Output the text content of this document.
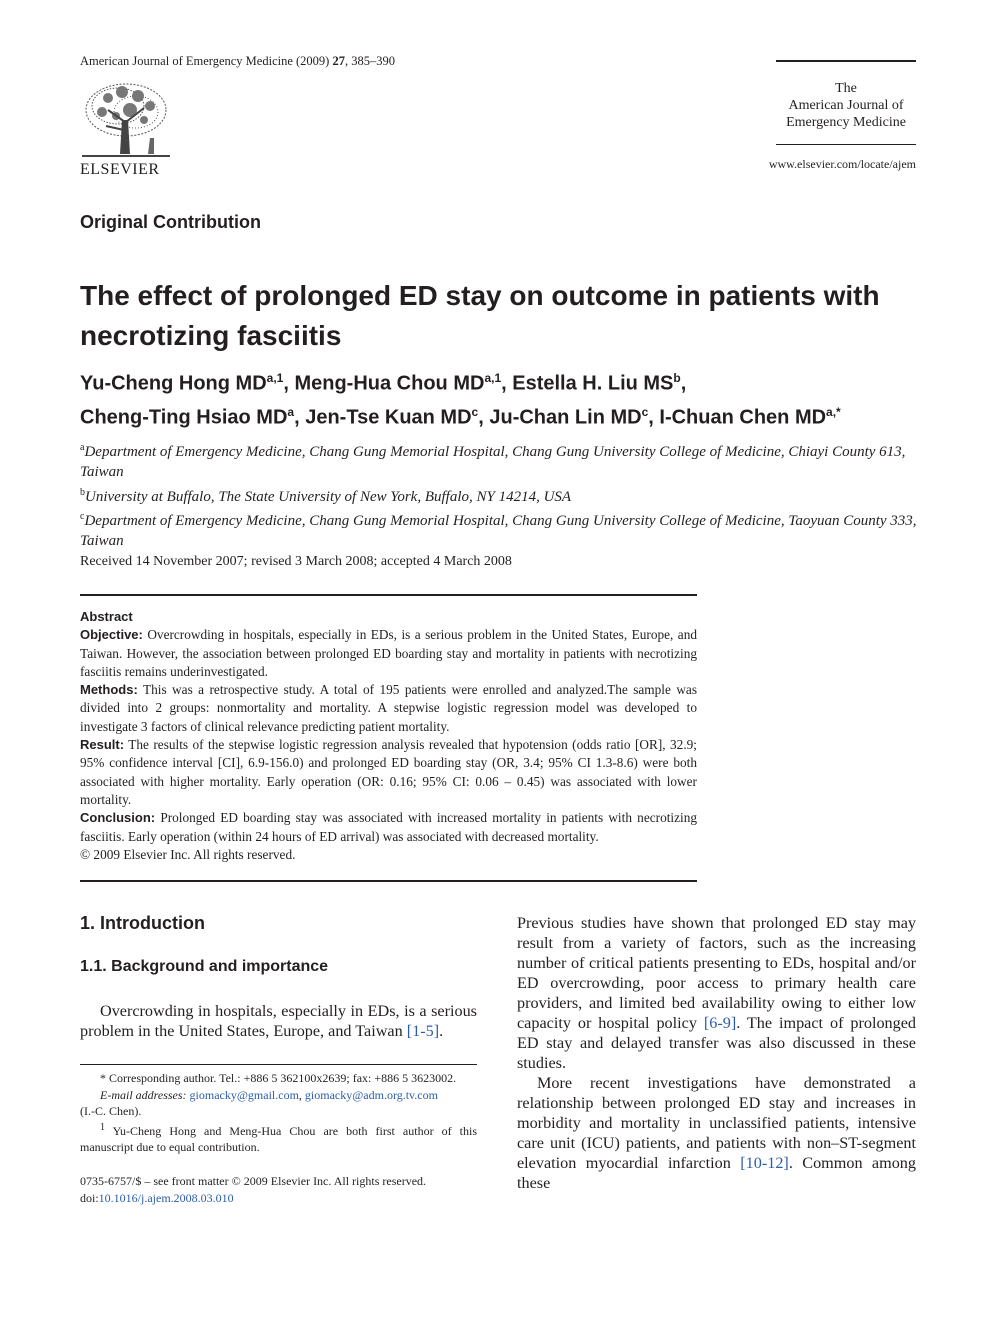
American Journal of Emergency Medicine (2009) 27, 385–390
ELSEVIER
The
American Journal of
Emergency Medicine
www.elsevier.com/locate/ajem
Original Contribution
The effect of prolonged ED stay on outcome in patients with necrotizing fasciitis
Yu-Cheng Hong MD$^{a,1}$, Meng-Hua Chou MD$^{a,1}$, Estella H. Liu $MS^b$,
Cheng-Ting Hsiao $MD^a$, Jen-Tse Kuan $MD^c$, Ju-Chan Lin $MD^c$, I-Chuan Chen $MD^{a,*}$
$^a$Department of Emergency Medicine, Chang Gung Memorial Hospital, Chang Gung University College of Medicine, Chiayi County 613, Taiwan
$^b$University at Buffalo, The State University of New York, Buffalo, NY 14214, USA
$^c$Department of Emergency Medicine, Chang Gung Memorial Hospital, Chang Gung University College of Medicine, Taoyuan County 333, Taiwan
Received 14 November 2007; revised 3 March 2008; accepted 4 March 2008
Abstract

Objective: Overcrowding in hospitals, especially in EDs, is a serious problem in the United States, Europe, and Taiwan. However, the association between prolonged ED boarding stay and mortality in patients with necrotizing fasciitis remains underinvestigated.

Methods: This was a retrospective study. A total of 195 patients were enrolled and analyzed.The sample was divided into 2 groups: nonmortality and mortality. A stepwise logistic regression model was developed to investigate 3 factors of clinical relevance predicting patient mortality.

Result: The results of the stepwise logistic regression analysis revealed that hypotension (odds ratio [OR], 32.9; 95% confidence interval [CI], 6.9-156.0) and prolonged ED boarding stay (OR, 3.4; 95% CI 1.3-8.6) were both associated with higher mortality. Early operation (OR: 0.16; 95% CI: 0.06 – 0.45) was associated with lower mortality.

Conclusion: Prolonged ED boarding stay was associated with increased mortality in patients with necrotizing fasciitis. Early operation (within 24 hours of ED arrival) was associated with decreased mortality.

© 2009 Elsevier Inc. All rights reserved.

1. Introduction
1.1. Background and importance

Overcrowding in hospitals, especially in EDs, is a serious problem in the United States, Europe, and Taiwan [1-5].

* Corresponding author. Tel.: +886 5 362100x2639; fax: +886 5 3623002.

E-mail addresses: giomacky@gmail.com, giomacky@adm.org.tv.com
(I.-C. Chen).

$^1$ Yu-Cheng Hong and Meng-Hua Chou are both first author of this manuscript due to equal contribution.

0735-6757/$ – see front matter © 2009 Elsevier Inc. All rights reserved.
doi:10.1016/j.ajem.2008.03.010

Previous studies have shown that prolonged ED stay may result from a variety of factors, such as the increasing number of critical patients presenting to EDs, hospital and/or ED overcrowding, poor access to primary health care providers, and limited bed availability owing to either low capacity or hospital policy [6-9]. The impact of prolonged ED stay and delayed transfer was also discussed in these studies.

More recent investigations have demonstrated a relationship between prolonged ED stay and increases in morbidity and mortality in unclassified patients, intensive care unit (ICU) patients, and patients with non–ST-segment elevation myocardial infarction [10-12]. Common among these
